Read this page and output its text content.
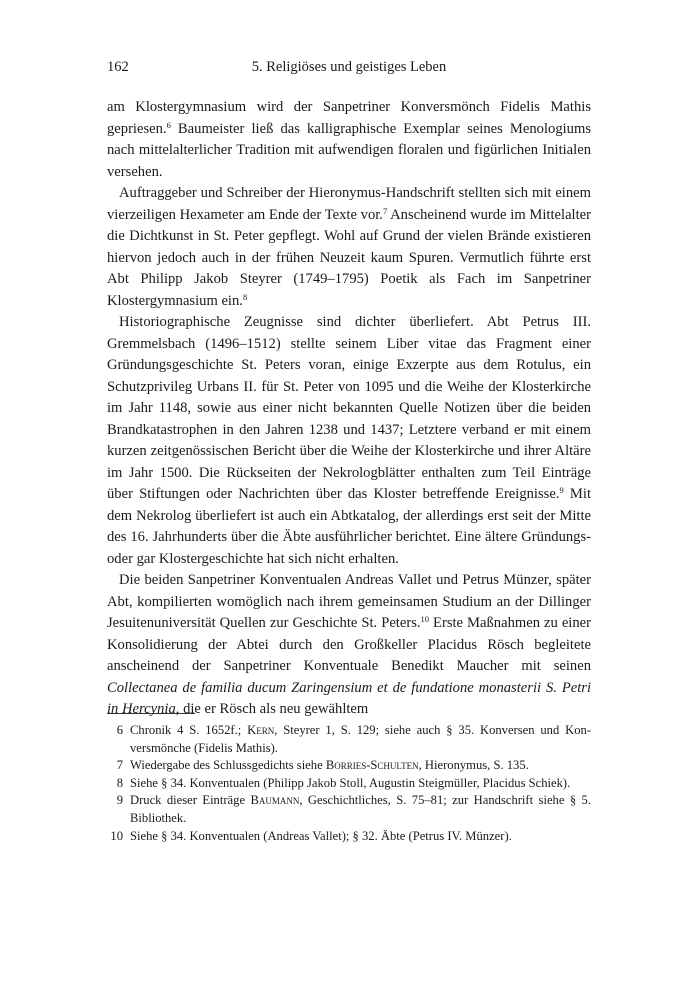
162	5. Religiöses und geistiges Leben

am Klostergymnasium wird der Sanpetriner Konversmönch Fidelis Mathis gepriesen.$^6$ Baumeister ließ das kalligraphische Exemplar seines Menologiums nach mittelalterlicher Tradition mit aufwendigen floralen und figürlichen Initialen versehen.

Auftraggeber und Schreiber der Hieronymus-Handschrift stellten sich mit einem vierzeiligen Hexameter am Ende der Texte vor.$^7$ Anscheinend wurde im Mittelalter die Dichtkunst in St. Peter gepflegt. Wohl auf Grund der vielen Brände existieren hiervon jedoch auch in der frühen Neuzeit kaum Spuren. Vermutlich führte erst Abt Philipp Jakob Steyrer (1749–1795) Poetik als Fach im Sanpetriner Klostergymnasium ein.$^8$

Historiographische Zeugnisse sind dichter überliefert. Abt Petrus III. Gremmelsbach (1496–1512) stellte seinem Liber vitae das Fragment einer Gründungsgeschichte St. Peters voran, einige Exzerpte aus dem Rotulus, ein Schutzprivileg Urbans II. für St. Peter von 1095 und die Weihe der Klosterkirche im Jahr 1148, sowie aus einer nicht bekannten Quelle Notizen über die beiden Brandkatastrophen in den Jahren 1238 und 1437; Letztere verband er mit einem kurzen zeitgenössischen Bericht über die Weihe der Klosterkirche und ihrer Altäre im Jahr 1500. Die Rückseiten der Nekrologblätter enthalten zum Teil Einträge über Stiftungen oder Nachrichten über das Kloster betreffende Ereignisse.$^9$ Mit dem Nekrolog überliefert ist auch ein Abtkatalog, der allerdings erst seit der Mitte des 16. Jahrhunderts über die Äbte ausführlicher berichtet. Eine ältere Gründungs- oder gar Klostergeschichte hat sich nicht erhalten.

Die beiden Sanpetriner Konventualen Andreas Vallet und Petrus Münzer, später Abt, kompilierten womöglich nach ihrem gemeinsamen Studium an der Dillinger Jesuitenuniversität Quellen zur Geschichte St. Peters.$^{10}$ Erste Maßnahmen zu einer Konsolidierung der Abtei durch den Großkeller Placidus Rösch begleitete anscheinend der Sanpetriner Konventuale Benedikt Maucher mit seinen Collectanea de familia ducum Zaringensium et de fundatione monasterii S. Petri in Hercynia, die er Rösch als neu gewähltem

6 Chronik 4 S. 1652f.; Kern, Steyrer 1, S. 129; siehe auch § 35. Konversen und Konversmönche (Fidelis Mathis).
7 Wiedergabe des Schlussgedichts siehe Borries-Schulten, Hieronymus, S. 135.
8 Siehe § 34. Konventualen (Philipp Jakob Stoll, Augustin Steigmüller, Placidus Schiek).
9 Druck dieser Einträge Baumann, Geschichtliches, S. 75–81; zur Handschrift siehe § 5. Bibliothek.
10 Siehe § 34. Konventualen (Andreas Vallet); § 32. Äbte (Petrus IV. Münzer).
